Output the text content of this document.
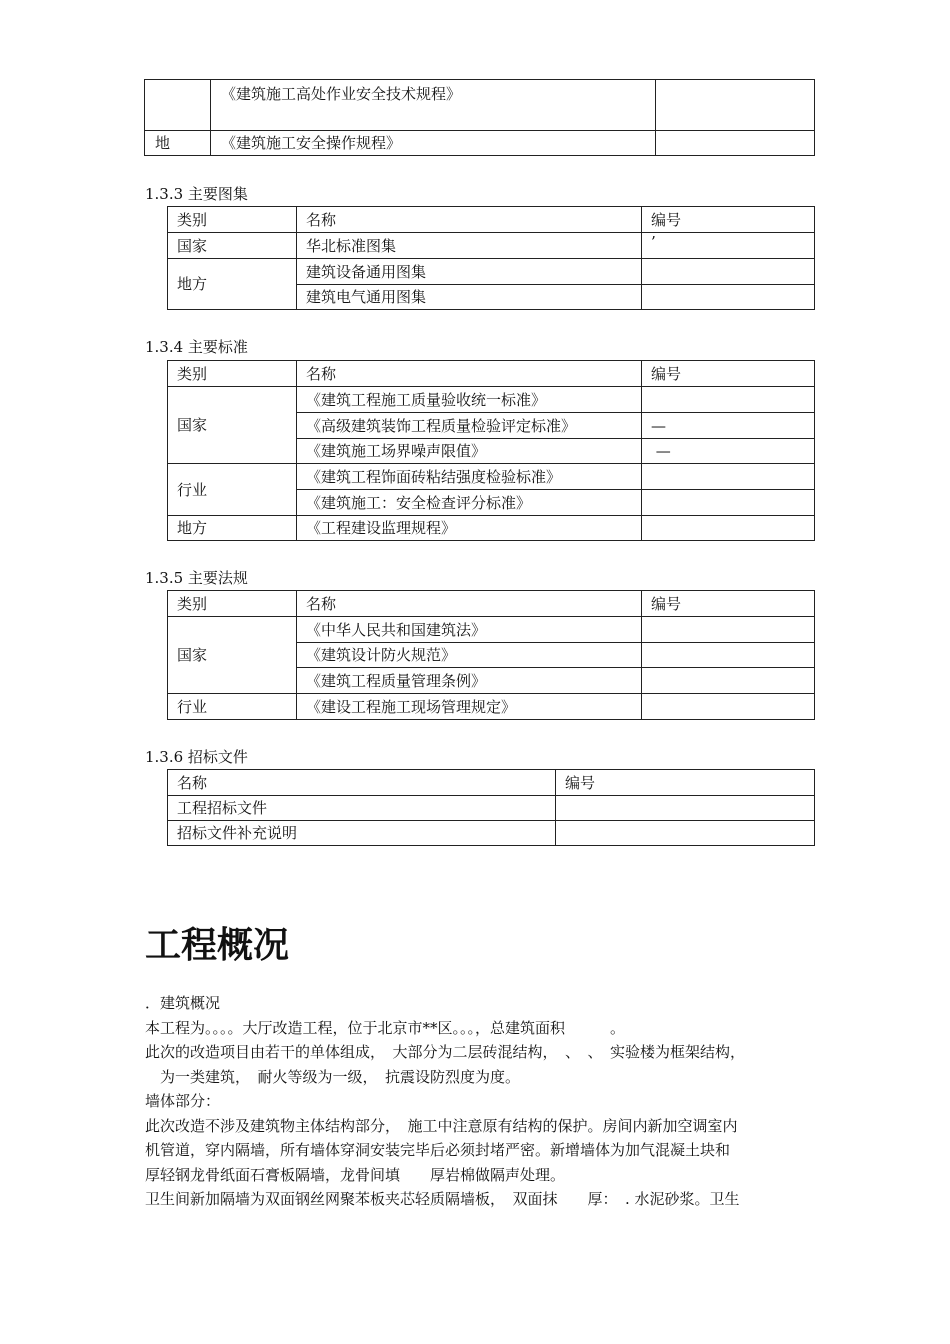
	《建筑施工高处作业安全技术规程》	
地	《建筑施工安全操作规程》	
1.3.3 主要图集
类别	名称	编号
国家	华北标准图集	’
地方	建筑设备通用图集	
	建筑电气通用图集	
1.3.4 主要标准
类别	名称	编号
国家	《建筑工程施工质量验收统一标准》	
	《高级建筑装饰工程质量检验评定标准》	—
	《建筑施工场界噪声限值》	—
行业	《建筑工程饰面砖粘结强度检验标准》	
	《建筑施工：安全检查评分标准》	
地方	《工程建设监理规程》	
1.3.5 主要法规
类别	名称	编号
国家	《中华人民共和国建筑法》	
	《建筑设计防火规范》	
	《建筑工程质量管理条例》	
行业	《建设工程施工现场管理规定》	
1.3.6 招标文件
名称	编号
工程招标文件	
招标文件补充说明	
工程概况

．建筑概况

本工程为。。。。大厅改造工程，位于北京市**区。。。，总建筑面积　　　。

此次的改造项目由若干的单体组成，　大部分为二层砖混结构，　、　、　实验楼为框架结构，

　为一类建筑，　耐火等级为一级，　抗震设防烈度为度。

墙体部分：

此次改造不涉及建筑物主体结构部分，　施工中注意原有结构的保护。房间内新加空调室内

机管道，穿内隔墙，所有墙体穿洞安装完毕后必须封堵严密。新增墙体为加气混凝土块和

厚轻钢龙骨纸面石膏板隔墙，龙骨间填　　厚岩棉做隔声处理。

卫生间新加隔墙为双面钢丝网聚苯板夹芯轻质隔墙板，　双面抹　　厚：　. 水泥砂浆。卫生
